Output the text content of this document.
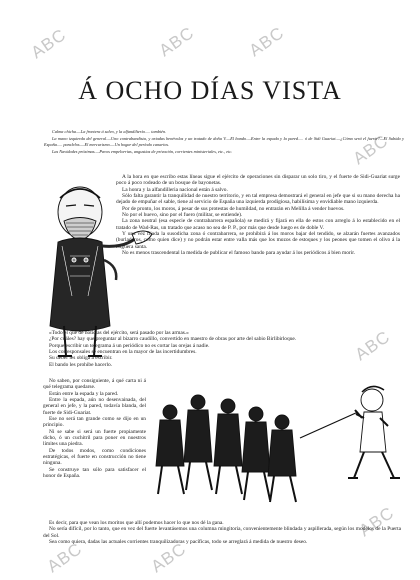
ABC	ABC	ABC
ABC
ABC
ABC
ABC	ABC
Á OCHO DÍAS VISTA

Calma chicha.—La frontera á salvo, y la alfandiltería..... también.

La mano izquierda del general.—Uno contrabandista, y ariadas benévolas y un tratado de doña V.—El bando.—Entre la espada y la pared..... ó de Sidi Guariat.—¿Cómo será el fuerte?—El Subida y España..... paralelos.—El mercurismo.—Un hogar del período canarios.

Las Navidades próximas.—Pavos empelorrias, angustias de privación, corrientes ministeriales, etc., etc.

A la hora en que escribo estas líneas sigue el ejército de operaciones sin disparar un solo tiro, y el fuerte de Sidi-Guariat surge poco á poco rodeado de un bosque de bayonetas.

La honra y la alfandilleria nacional están á salvo.

Sólo falta garantir la tranquilidad de nuestro territorio, y en tal empresa demostrará el general en jefe que si su mano derecha ha dejado de empuñar el sable, tiene al servicio de España una izquierda prodigiosa, habilísima y envidiable mano izquierda.

Por de pronto, los moros, á pesar de sus protestas de humildad, no entrarán en Melilla á vender huevos.

No por el huevo, sino por el fuero (militar, se entiende).

La zona neutral (esa especie de contrabarrera española) se medirá y fijará en ella de estos con arreglo á lo establecido en el tratado de Wad-Ras, un tratado que acaso no sea de P. P., por más que desde luego es de doble V.

Y una vez fijada la susodicha zona ó contrabarrera, se prohibirá á los moros bajar del tendido, se alzarán fuertes avanzados (burladeros, como quien dice) y no podrán estar entre valla más que los mozos de estoques y los peones que tomen el olivo á la Higuera santa.

No es menos trascendental la medida de publicar el famoso bando para ayudar á los periódicos á bien morir.

«Todo el que dé noticias del ejército, será pasado por las armas.»

¿Por cuáles? hay que preguntar al bizarro caudillo, convertido en maestro de obras por arte del sabio Birlibirloque.

Porque escribir un telegrama á un periódico no es cortar las orejas á nadie.

Los corresponsales se encuentran en la mayor de las incertidumbres.

Su deber les obliga á escribir.

El bando les prohibe hacerlo.

No saben, por consiguiente, á qué carta ni á qué telegrama quedarse.

Están entre la espada y la pared.

Entre la espada, aún no desenvainada, del general en jefe, y la pared, todavía blanda, del fuerte de Sidi-Guariat.

Ese no será tan grande como se dijo en un principio.

Ni se sabe si será un fuerte propiamente dicho, ó un cuchitril para poner en nuestros límites una piedra.

De todos modos, como condiciones estratégicas, el fuerte en construcción no tiene ninguna.

Se construye tan sólo para satisfacer el honor de España.

Es decir, para que vean los moritos que allí podemos hacer lo que nos dé la gana.

No sería difícil, por lo tanto, que en vez del fuerte levantásemos una columna mingitoria, convenientemente blindada y aspillerada, según los modelos de la Puerta del Sol.

Sea como quiera, dadas las actuales corrientes tranquilizadoras y pacíficas, todo se arreglará á medida de nuestro deseo.
